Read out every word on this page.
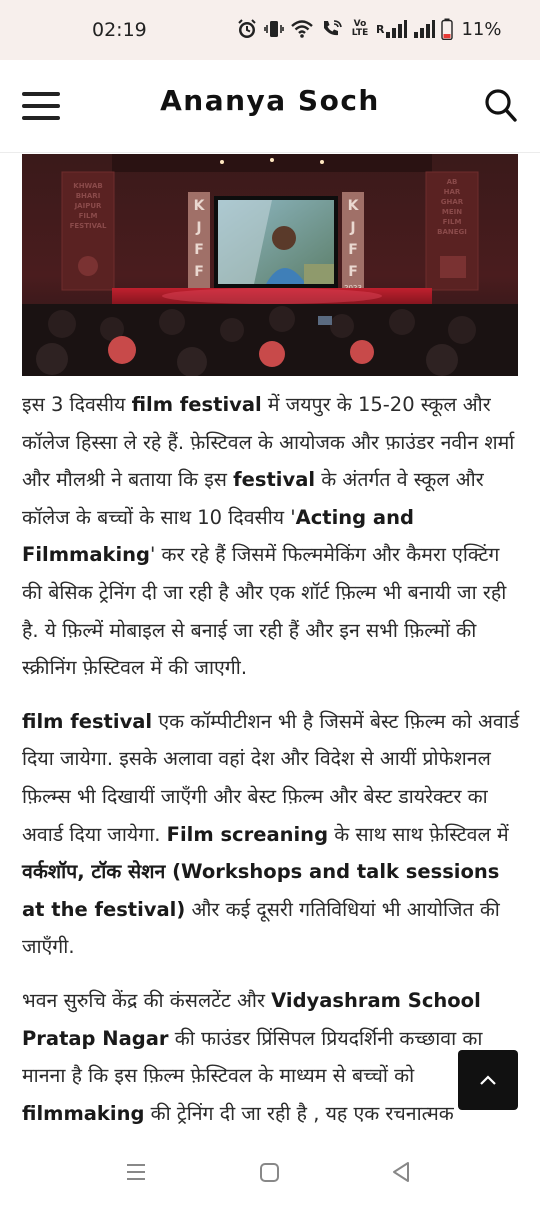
02:19	Vo LTE R	11%
Ananya Soch
KHWAB
BHARI
JAIPUR
FILM
FESTIVAL
AB
HAR
GHAR
MEIN
FILM
BANEGI
K
J
F
F
K
J
F
F

इस 3 दिवसीय film festival में जयपुर के 15-20 स्कूल और कॉलेज हिस्सा ले रहे हैं. फ़ेस्टिवल के आयोजक और फ़ाउंडर नवीन शर्मा और मौलश्री ने बताया कि इस festival के अंतर्गत वे स्कूल और कॉलेज के बच्चों के साथ 10 दिवसीय 'Acting and Filmmaking' कर रहे हैं जिसमें फिल्ममेकिंग और कैमरा एक्टिंग की बेसिक ट्रेनिंग दी जा रही है और एक शॉर्ट फ़िल्म भी बनायी जा रही है. ये फ़िल्में मोबाइल से बनाई जा रही हैं और इन सभी फ़िल्मों की स्क्रीनिंग फ़ेस्टिवल में की जाएगी.

film festival एक कॉम्पीटीशन भी है जिसमें बेस्ट फ़िल्म को अवार्ड दिया जायेगा. इसके अलावा वहां देश और विदेश से आयीं प्रोफेशनल फ़िल्म्स भी दिखायीं जाएँगी और बेस्ट फ़िल्म और बेस्ट डायरेक्टर का अवार्ड दिया जायेगा. Film screaning के साथ साथ फ़ेस्टिवल में वर्कशॉप, टॉक सेशन (Workshops and talk sessions at the festival) और कई दूसरी गतिविधियां भी आयोजित की जाएँगी.

भवन सुरुचि केंद्र की कंसलटेंट और Vidyashram School Pratap Nagar की फाउंडर प्रिंसिपल प्रियदर्शिनी कच्छावा का मानना है कि इस फ़िल्म फ़ेस्टिवल के माध्यम से बच्चों को filmmaking की ट्रेनिंग दी जा रही है , यह एक रचनात्मक
